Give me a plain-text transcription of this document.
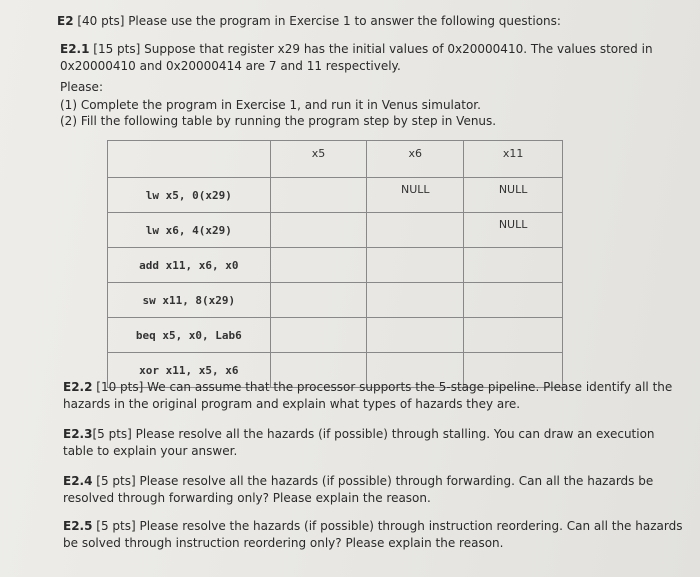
E2 [40 pts] Please use the program in Exercise 1 to answer the following questions:
E2.1 [15 pts] Suppose that register x29 has the initial values of 0x20000410. The values stored in
0x20000410 and 0x20000414 are 7 and 11 respectively.
Please:
(1) Complete the program in Exercise 1, and run it in Venus simulator.
(2) Fill the following table by running the program step by step in Venus.
	x5	x6	x11
lw x5, 0(x29)		NULL	NULL
lw x6, 4(x29)			NULL
add x11, x6, x0			
sw x11, 8(x29)			
beq x5, x0, Lab6			
xor x11, x5, x6			
E2.2 [10 pts] We can assume that the processor supports the 5-stage pipeline. Please identify all the
hazards in the original program and explain what types of hazards they are.
E2.3[5 pts] Please resolve all the hazards (if possible) through stalling. You can draw an execution
table to explain your answer.
E2.4 [5 pts] Please resolve all the hazards (if possible) through forwarding. Can all the hazards be
resolved through forwarding only? Please explain the reason.
E2.5 [5 pts] Please resolve the hazards (if possible) through instruction reordering. Can all the hazards
be solved through instruction reordering only? Please explain the reason.
